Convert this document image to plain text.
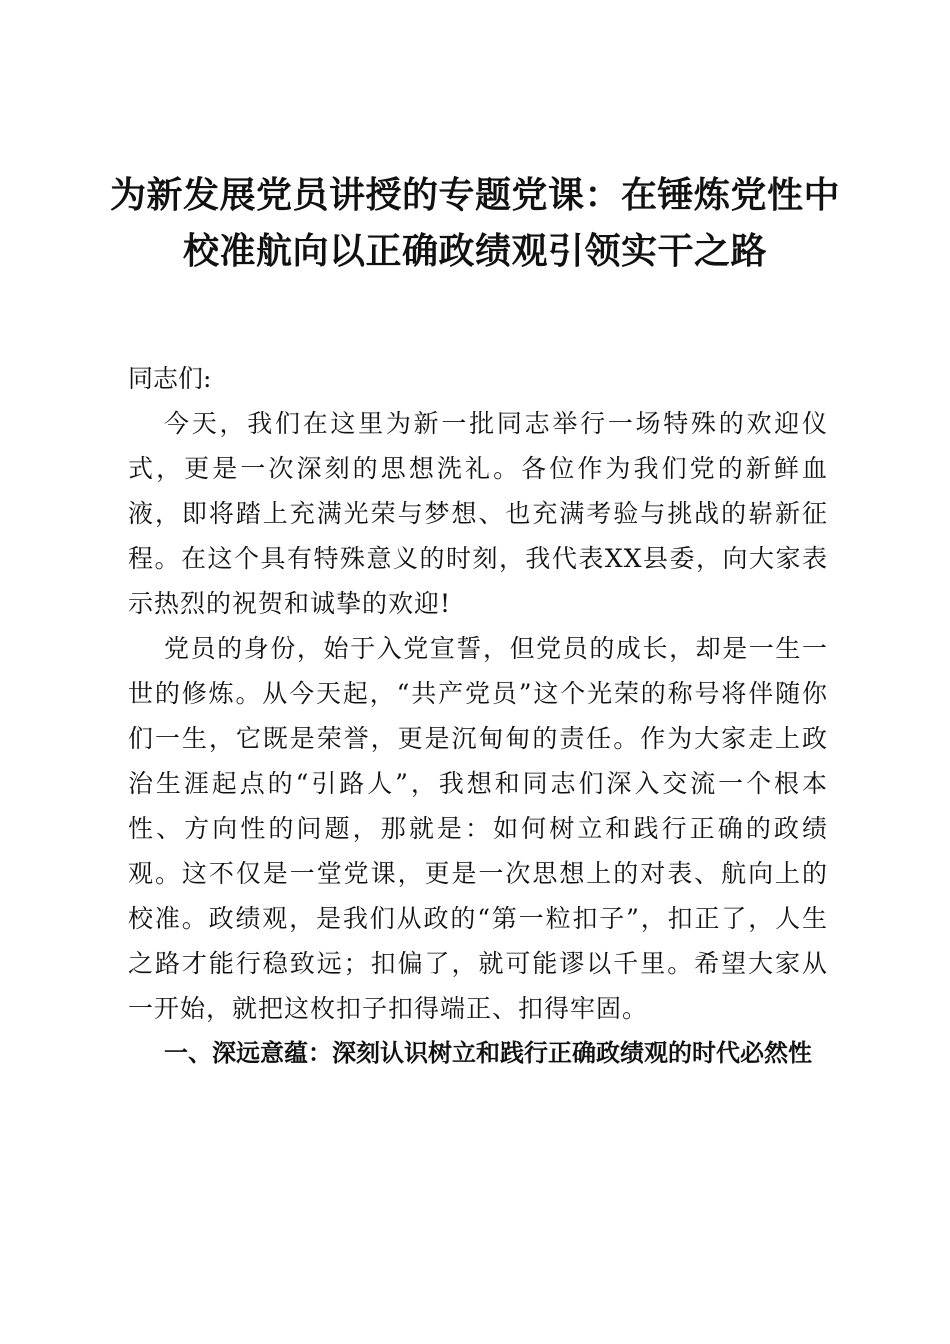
为新发展党员讲授的专题党课：在锤炼党性中
校准航向以正确政绩观引领实干之路

同志们:

今天，我们在这里为新一批同志举行一场特殊的欢迎仪式，更是一次深刻的思想洗礼。各位作为我们党的新鲜血液，即将踏上充满光荣与梦想、也充满考验与挑战的崭新征程。在这个具有特殊意义的时刻，我代表XX县委，向大家表示热烈的祝贺和诚挚的欢迎!

党员的身份，始于入党宣誓，但党员的成长，却是一生一世的修炼。从今天起，“共产党员”这个光荣的称号将伴随你们一生，它既是荣誉，更是沉甸甸的责任。作为大家走上政治生涯起点的“引路人”，我想和同志们深入交流一个根本性、方向性的问题，那就是：如何树立和践行正确的政绩观。这不仅是一堂党课，更是一次思想上的对表、航向上的校准。政绩观，是我们从政的“第一粒扣子”，扣正了，人生之路才能行稳致远；扣偏了，就可能谬以千里。希望大家从一开始，就把这枚扣子扣得端正、扣得牢固。

一、深远意蕴：深刻认识树立和践行正确政绩观的时代必然性
